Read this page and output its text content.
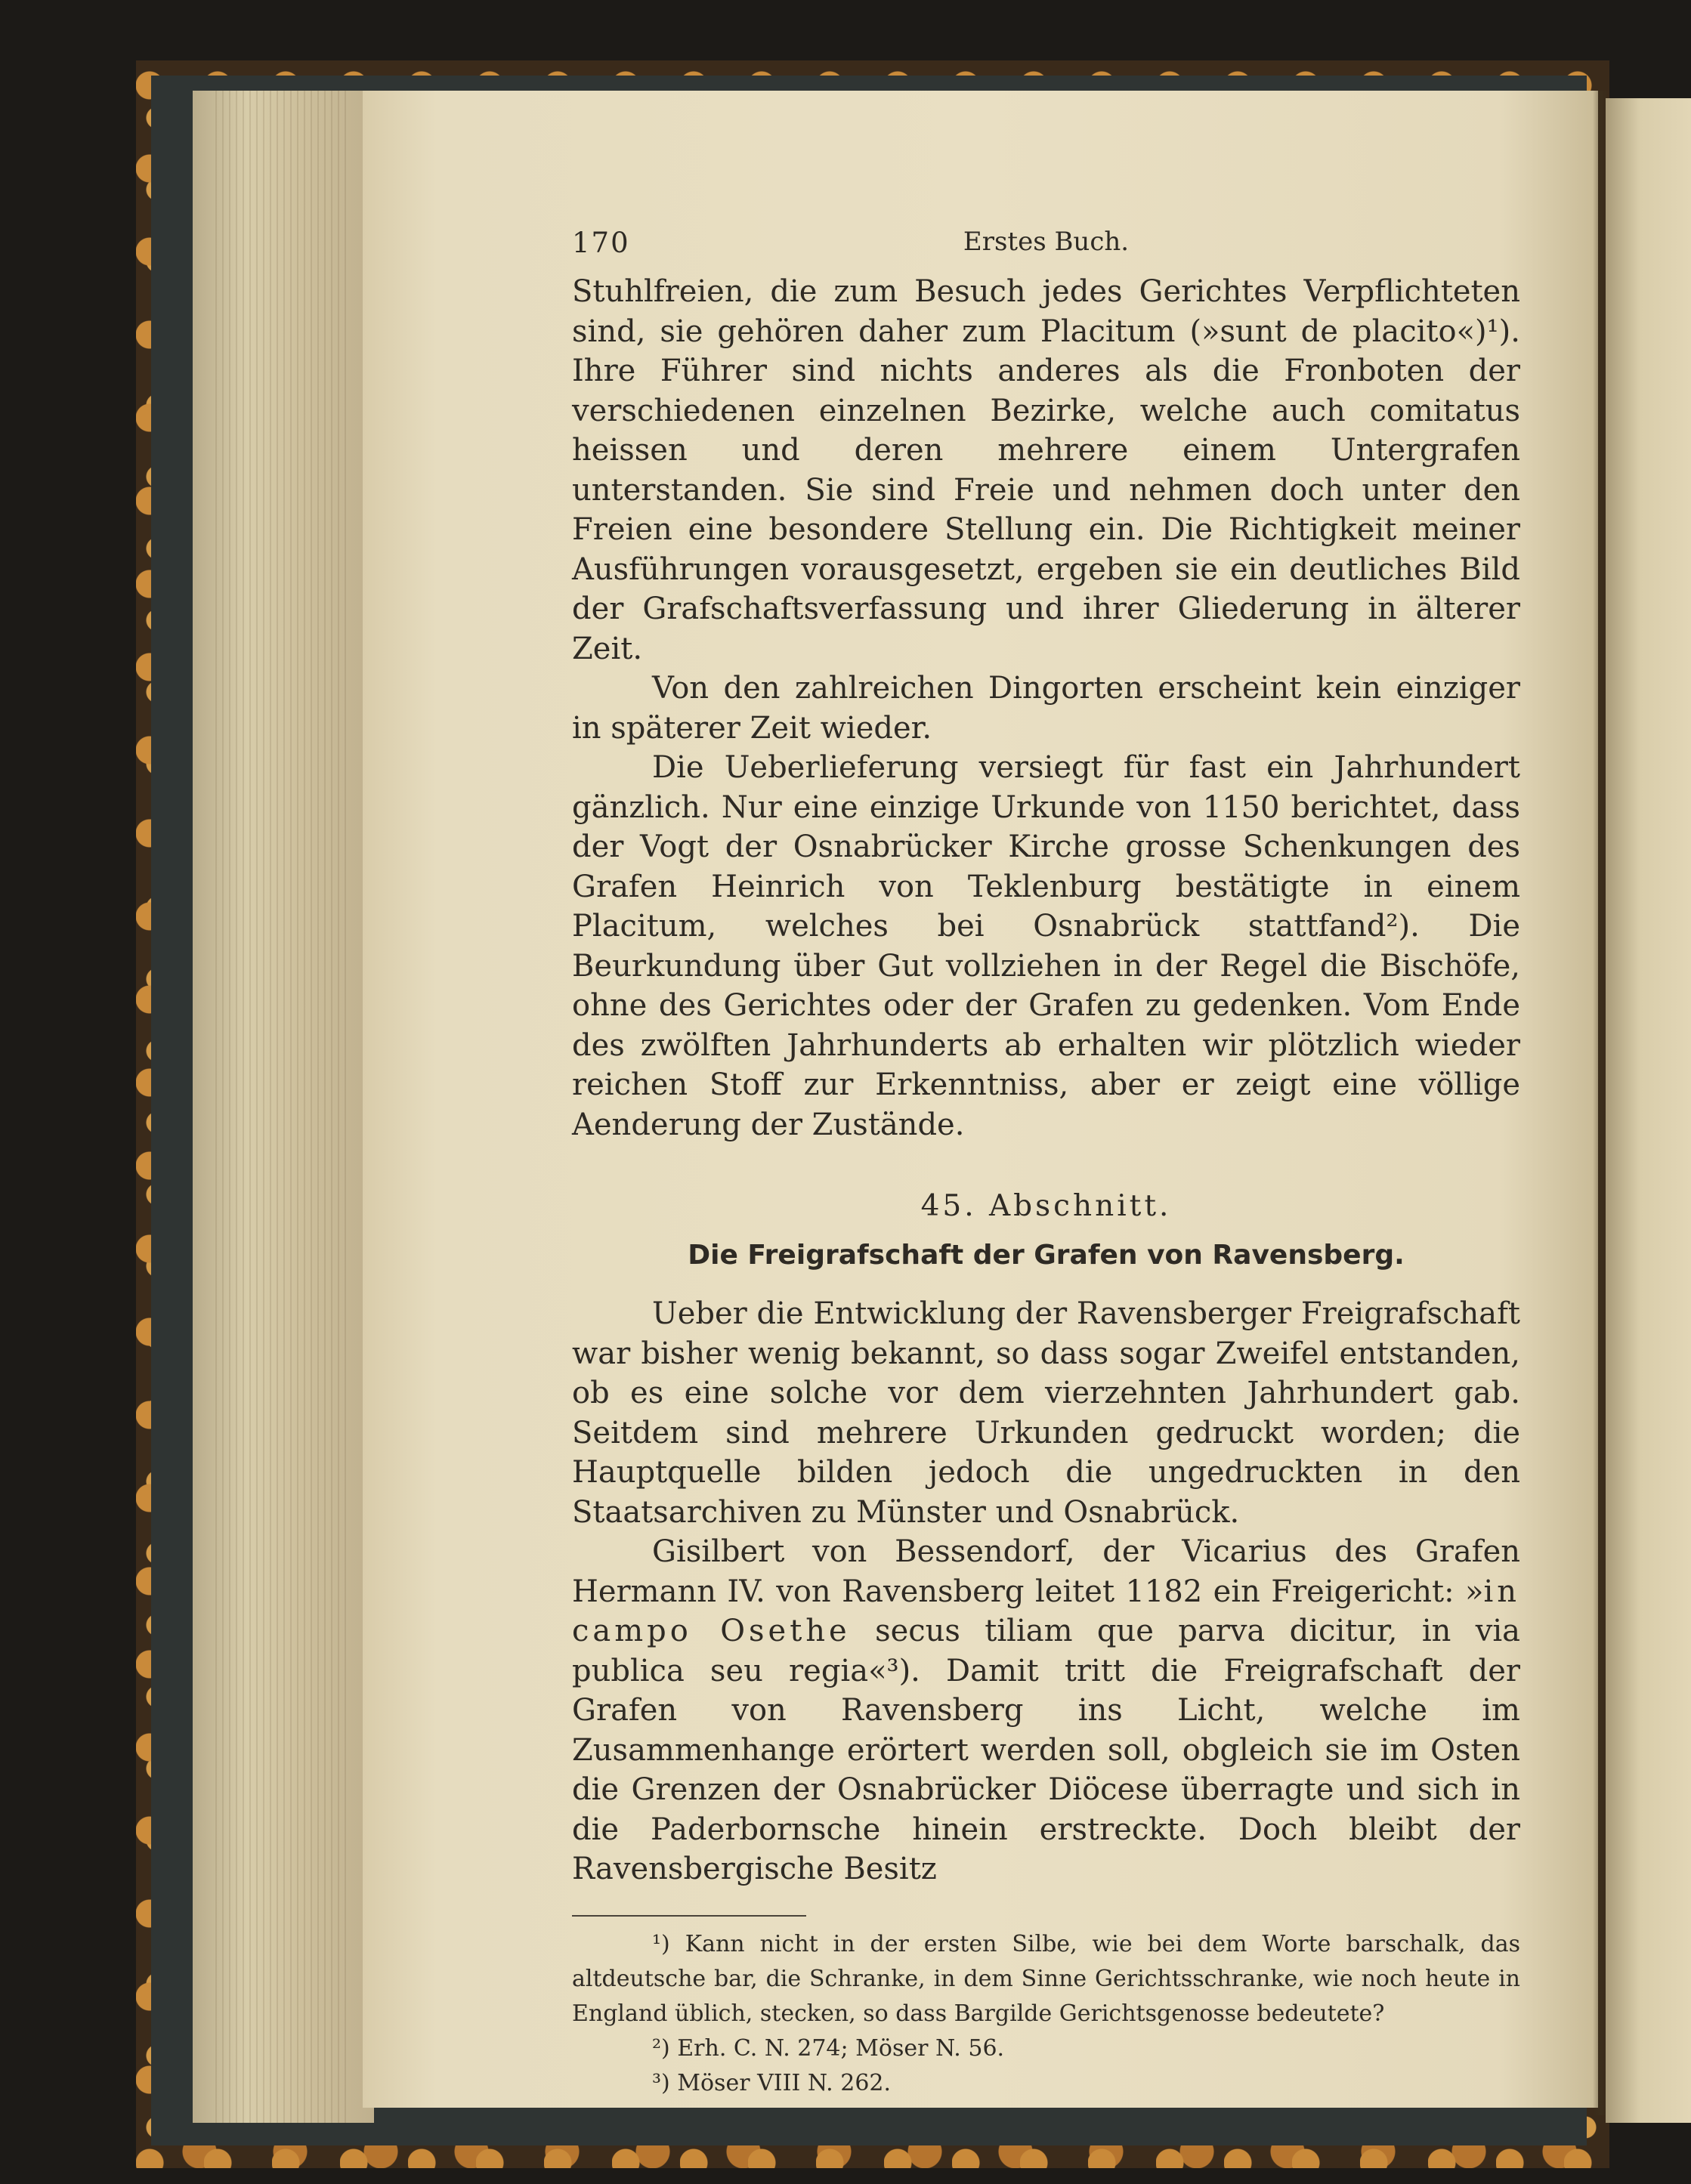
170	Erstes Buch.

Stuhlfreien, die zum Besuch jedes Gerichtes Verpflichteten sind, sie gehören daher zum Placitum (»sunt de placito«)¹). Ihre Führer sind nichts anderes als die Fronboten der verschiedenen einzelnen Bezirke, welche auch comitatus heissen und deren mehrere einem Untergrafen unterstanden. Sie sind Freie und nehmen doch unter den Freien eine besondere Stellung ein. Die Richtigkeit meiner Ausführungen vorausgesetzt, ergeben sie ein deutliches Bild der Grafschaftsverfassung und ihrer Gliederung in älterer Zeit.

Von den zahlreichen Dingorten erscheint kein einziger in späterer Zeit wieder.

Die Ueberlieferung versiegt für fast ein Jahrhundert gänzlich. Nur eine einzige Urkunde von 1150 berichtet, dass der Vogt der Osnabrücker Kirche grosse Schenkungen des Grafen Heinrich von Teklenburg bestätigte in einem Placitum, welches bei Osnabrück stattfand²). Die Beurkundung über Gut vollziehen in der Regel die Bischöfe, ohne des Gerichtes oder der Grafen zu gedenken. Vom Ende des zwölften Jahrhunderts ab erhalten wir plötzlich wieder reichen Stoff zur Erkenntniss, aber er zeigt eine völlige Aenderung der Zustände.

45. Abschnitt.
Die Freigrafschaft der Grafen von Ravensberg.

Ueber die Entwicklung der Ravensberger Freigrafschaft war bisher wenig bekannt, so dass sogar Zweifel entstanden, ob es eine solche vor dem vierzehnten Jahrhundert gab. Seitdem sind mehrere Urkunden gedruckt worden; die Hauptquelle bilden jedoch die ungedruckten in den Staatsarchiven zu Münster und Osnabrück.

Gisilbert von Bessendorf, der Vicarius des Grafen Hermann IV. von Ravensberg leitet 1182 ein Freigericht: »in campo Osethe secus tiliam que parva dicitur, in via publica seu regia«³). Damit tritt die Freigrafschaft der Grafen von Ravensberg ins Licht, welche im Zusammenhange erörtert werden soll, obgleich sie im Osten die Grenzen der Osnabrücker Diöcese überragte und sich in die Paderbornsche hinein erstreckte. Doch bleibt der Ravensbergische Besitz

¹) Kann nicht in der ersten Silbe, wie bei dem Worte barschalk, das altdeutsche bar, die Schranke, in dem Sinne Gerichtsschranke, wie noch heute in England üblich, stecken, so dass Bargilde Gerichtsgenosse bedeutete?

²) Erh. C. N. 274; Möser N. 56.

³) Möser VIII N. 262.
